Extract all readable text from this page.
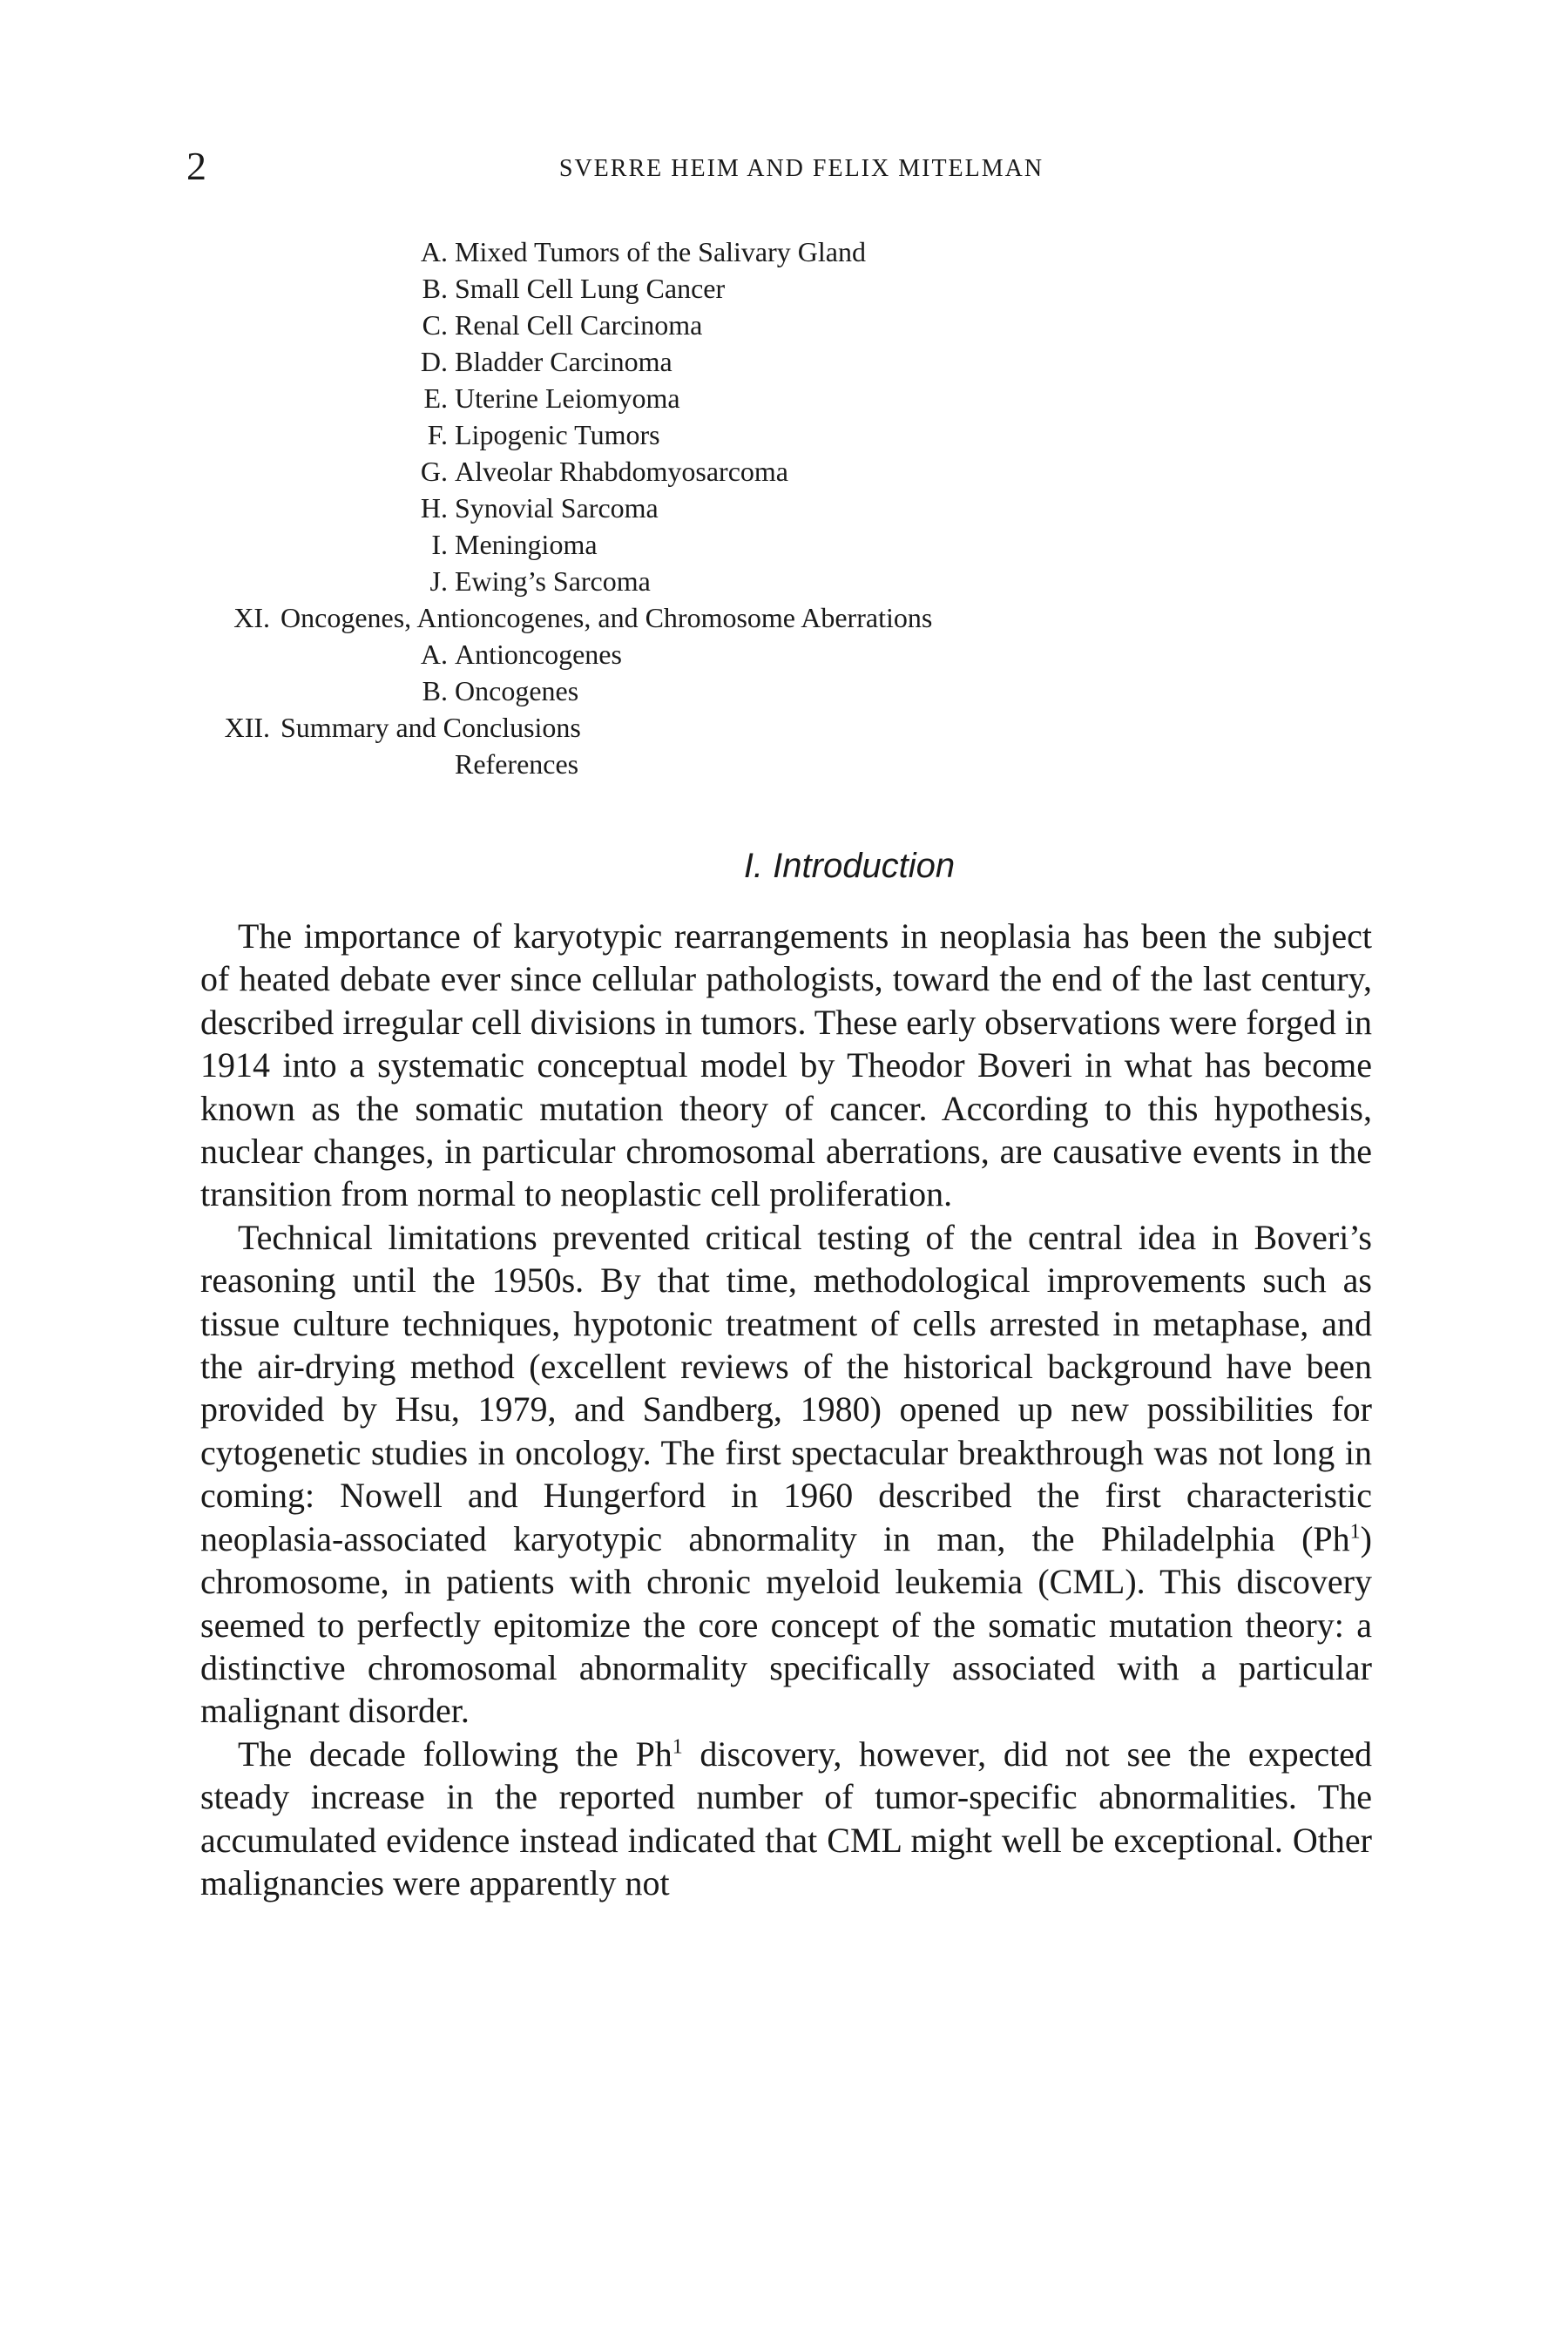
2	SVERRE HEIM AND FELIX MITELMAN
A. Mixed Tumors of the Salivary Gland
B. Small Cell Lung Cancer
C. Renal Cell Carcinoma
D. Bladder Carcinoma
E. Uterine Leiomyoma
F. Lipogenic Tumors
G. Alveolar Rhabdomyosarcoma
H. Synovial Sarcoma
I. Meningioma
J. Ewing’s Sarcoma
XI. Oncogenes, Antioncogenes, and Chromosome Aberrations
A. Antioncogenes
B. Oncogenes
XII. Summary and Conclusions
References
I. Introduction

The importance of karyotypic rearrangements in neoplasia has been the subject of heated debate ever since cellular pathologists, toward the end of the last century, described irregular cell divisions in tumors. These early observations were forged in 1914 into a systematic conceptual model by Theodor Boveri in what has become known as the somatic mutation theory of cancer. According to this hypothesis, nuclear changes, in particular chromosomal aberrations, are causative events in the transition from normal to neoplastic cell proliferation.

Technical limitations prevented critical testing of the central idea in Boveri’s reasoning until the 1950s. By that time, methodological improvements such as tissue culture techniques, hypotonic treatment of cells arrested in metaphase, and the air-drying method (excellent reviews of the historical background have been provided by Hsu, 1979, and Sandberg, 1980) opened up new possibilities for cytogenetic studies in oncology. The first spectacular breakthrough was not long in coming: Nowell and Hungerford in 1960 described the first characteristic neoplasia-associated karyotypic abnormality in man, the Philadelphia (Ph$^1$) chromosome, in patients with chronic myeloid leukemia (CML). This discovery seemed to perfectly epitomize the core concept of the somatic mutation theory: a distinctive chromosomal abnormality specifically associated with a particular malignant disorder.

The decade following the Ph$^1$ discovery, however, did not see the expected steady increase in the reported number of tumor-specific abnormalities. The accumulated evidence instead indicated that CML might well be exceptional. Other malignancies were apparently not
